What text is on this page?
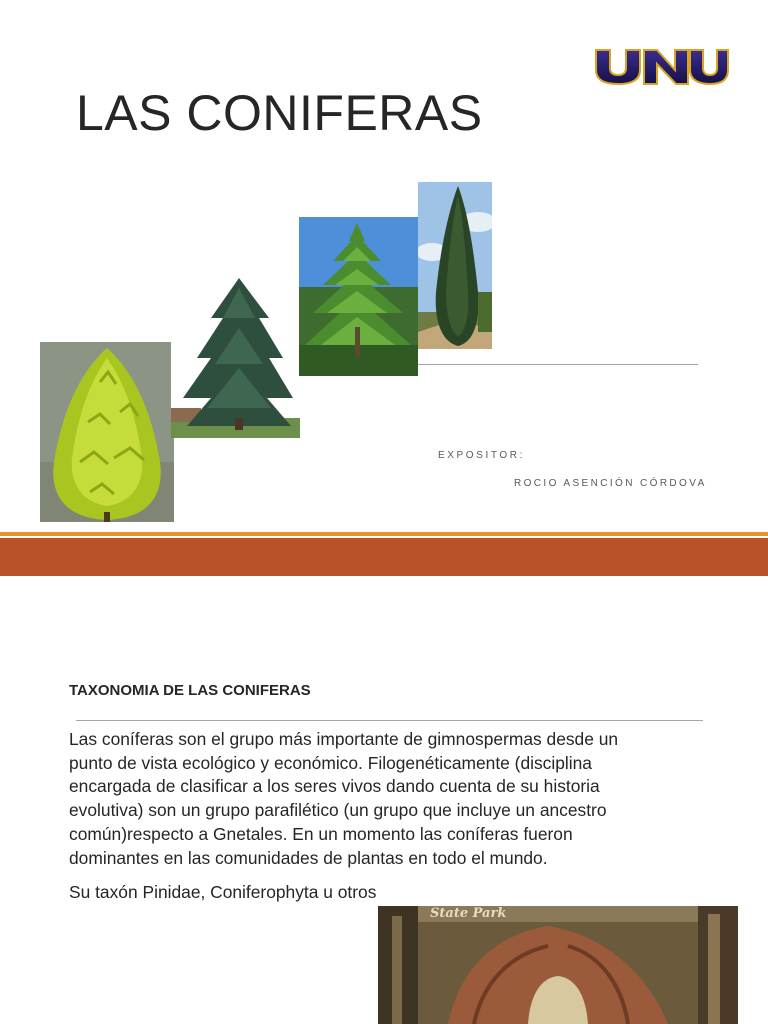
LAS CONIFERAS
EXPOSITOR:
ROCIO ASENCIÓN CÓRDOVA
TAXONOMIA DE LAS CONIFERAS
Las coníferas son el grupo más importante de gimnospermas desde un
punto de vista ecológico y económico. Filogenéticamente (disciplina
encargada de clasificar a los seres vivos dando cuenta de su historia
evolutiva) son un grupo parafilético (un grupo que incluye un ancestro
común)respecto a Gnetales. En un momento las coníferas fueron
dominantes en las comunidades de plantas en todo el mundo.
Su taxón Pinidae, Coniferophyta u otros
State Park
